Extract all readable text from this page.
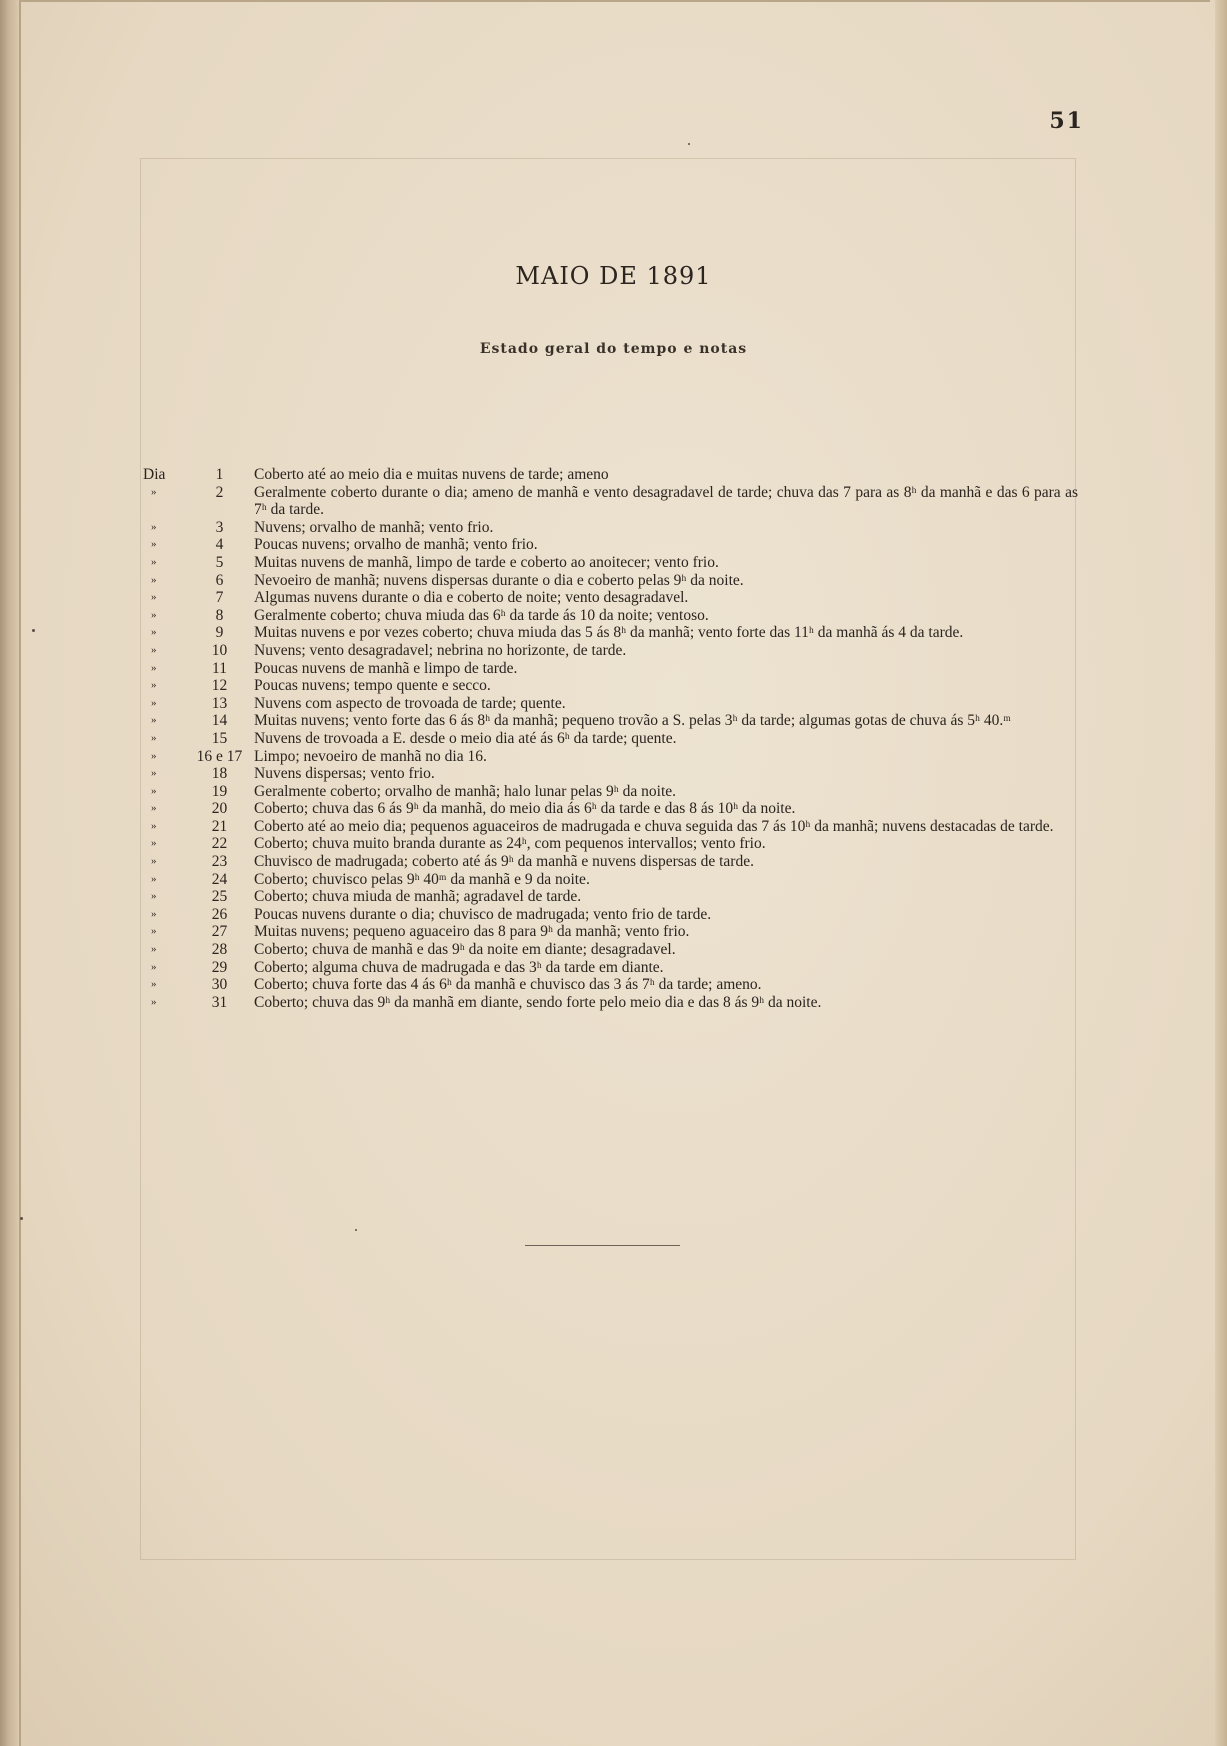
51
MAIO DE 1891
Estado geral do tempo e notas
Dia	1	Coberto até ao meio dia e muitas nuvens de tarde; ameno
»	2	Geralmente coberto durante o dia; ameno de manhã e vento desagradavel de tarde; chuva das 7 para as 8ʰ da manhã e das 6 para as 7ʰ da tarde.
»	3	Nuvens; orvalho de manhã; vento frio.
»	4	Poucas nuvens; orvalho de manhã; vento frio.
»	5	Muitas nuvens de manhã, limpo de tarde e coberto ao anoitecer; vento frio.
»	6	Nevoeiro de manhã; nuvens dispersas durante o dia e coberto pelas 9ʰ da noite.
»	7	Algumas nuvens durante o dia e coberto de noite; vento desagradavel.
»	8	Geralmente coberto; chuva miuda das 6ʰ da tarde ás 10 da noite; ventoso.
»	9	Muitas nuvens e por vezes coberto; chuva miuda das 5 ás 8ʰ da manhã; vento forte das 11ʰ da manhã ás 4 da tarde.
»	10	Nuvens; vento desagradavel; nebrina no horizonte, de tarde.
»	11	Poucas nuvens de manhã e limpo de tarde.
»	12	Poucas nuvens; tempo quente e secco.
»	13	Nuvens com aspecto de trovoada de tarde; quente.
»	14	Muitas nuvens; vento forte das 6 ás 8ʰ da manhã; pequeno trovão a S. pelas 3ʰ da tarde; algumas gotas de chuva ás 5ʰ 40.ᵐ
»	15	Nuvens de trovoada a E. desde o meio dia até ás 6ʰ da tarde; quente.
»	16 e 17 Limpo; nevoeiro de manhã no dia 16.
»	18	Nuvens dispersas; vento frio.
»	19	Geralmente coberto; orvalho de manhã; halo lunar pelas 9ʰ da noite.
»	20	Coberto; chuva das 6 ás 9ʰ da manhã, do meio dia ás 6ʰ da tarde e das 8 ás 10ʰ da noite.
»	21	Coberto até ao meio dia; pequenos aguaceiros de madrugada e chuva seguida das 7 ás 10ʰ da manhã; nuvens destacadas de tarde.
»	22	Coberto; chuva muito branda durante as 24ʰ, com pequenos intervallos; vento frio.
»	23	Chuvisco de madrugada; coberto até ás 9ʰ da manhã e nuvens dispersas de tarde.
»	24	Coberto; chuvisco pelas 9ʰ 40ᵐ da manhã e 9 da noite.
»	25	Coberto; chuva miuda de manhã; agradavel de tarde.
»	26	Poucas nuvens durante o dia; chuvisco de madrugada; vento frio de tarde.
»	27	Muitas nuvens; pequeno aguaceiro das 8 para 9ʰ da manhã; vento frio.
»	28	Coberto; chuva de manhã e das 9ʰ da noite em diante; desagradavel.
»	29	Coberto; alguma chuva de madrugada e das 3ʰ da tarde em diante.
»	30	Coberto; chuva forte das 4 ás 6ʰ da manhã e chuvisco das 3 ás 7ʰ da tarde; ameno.
»	31	Coberto; chuva das 9ʰ da manhã em diante, sendo forte pelo meio dia e das 8 ás 9ʰ da noite.
